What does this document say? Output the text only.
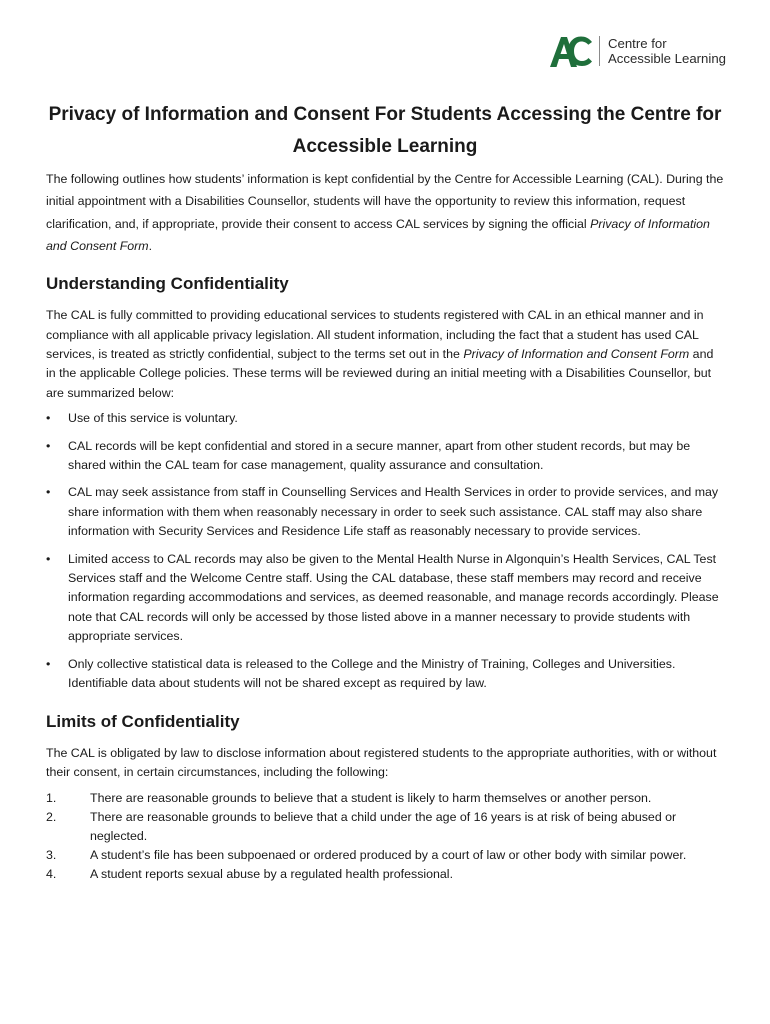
Centre for
Accessible Learning
Privacy of Information and Consent For Students Accessing the Centre for Accessible Learning

The following outlines how students’ information is kept confidential by the Centre for Accessible Learning (CAL). During the initial appointment with a Disabilities Counsellor, students will have the opportunity to review this information, request clarification, and, if appropriate, provide their consent to access CAL services by signing the official Privacy of Information and Consent Form.

Understanding Confidentiality

The CAL is fully committed to providing educational services to students registered with CAL in an ethical manner and in compliance with all applicable privacy legislation. All student information, including the fact that a student has used CAL services, is treated as strictly confidential, subject to the terms set out in the Privacy of Information and Consent Form and in the applicable College policies. These terms will be reviewed during an initial meeting with a Disabilities Counsellor, but are summarized below:

• Use of this service is voluntary.
• CAL records will be kept confidential and stored in a secure manner, apart from other student records, but may be shared within the CAL team for case management, quality assurance and consultation.
• CAL may seek assistance from staff in Counselling Services and Health Services in order to provide services, and may share information with them when reasonably necessary in order to seek such assistance. CAL staff may also share information with Security Services and Residence Life staff as reasonably necessary to provide services.
• Limited access to CAL records may also be given to the Mental Health Nurse in Algonquin’s Health Services, CAL Test Services staff and the Welcome Centre staff. Using the CAL database, these staff members may record and receive information regarding accommodations and services, as deemed reasonable, and manage records accordingly. Please note that CAL records will only be accessed by those listed above in a manner necessary to provide students with appropriate services.
• Only collective statistical data is released to the College and the Ministry of Training, Colleges and Universities. Identifiable data about students will not be shared except as required by law.
Limits of Confidentiality

The CAL is obligated by law to disclose information about registered students to the appropriate authorities, with or without their consent, in certain circumstances, including the following:

1.	There are reasonable grounds to believe that a student is likely to harm themselves or another person.
2.	There are reasonable grounds to believe that a child under the age of 16 years is at risk of being abused or neglected.
3.	A student’s file has been subpoenaed or ordered produced by a court of law or other body with similar power.
4.	A student reports sexual abuse by a regulated health professional.
